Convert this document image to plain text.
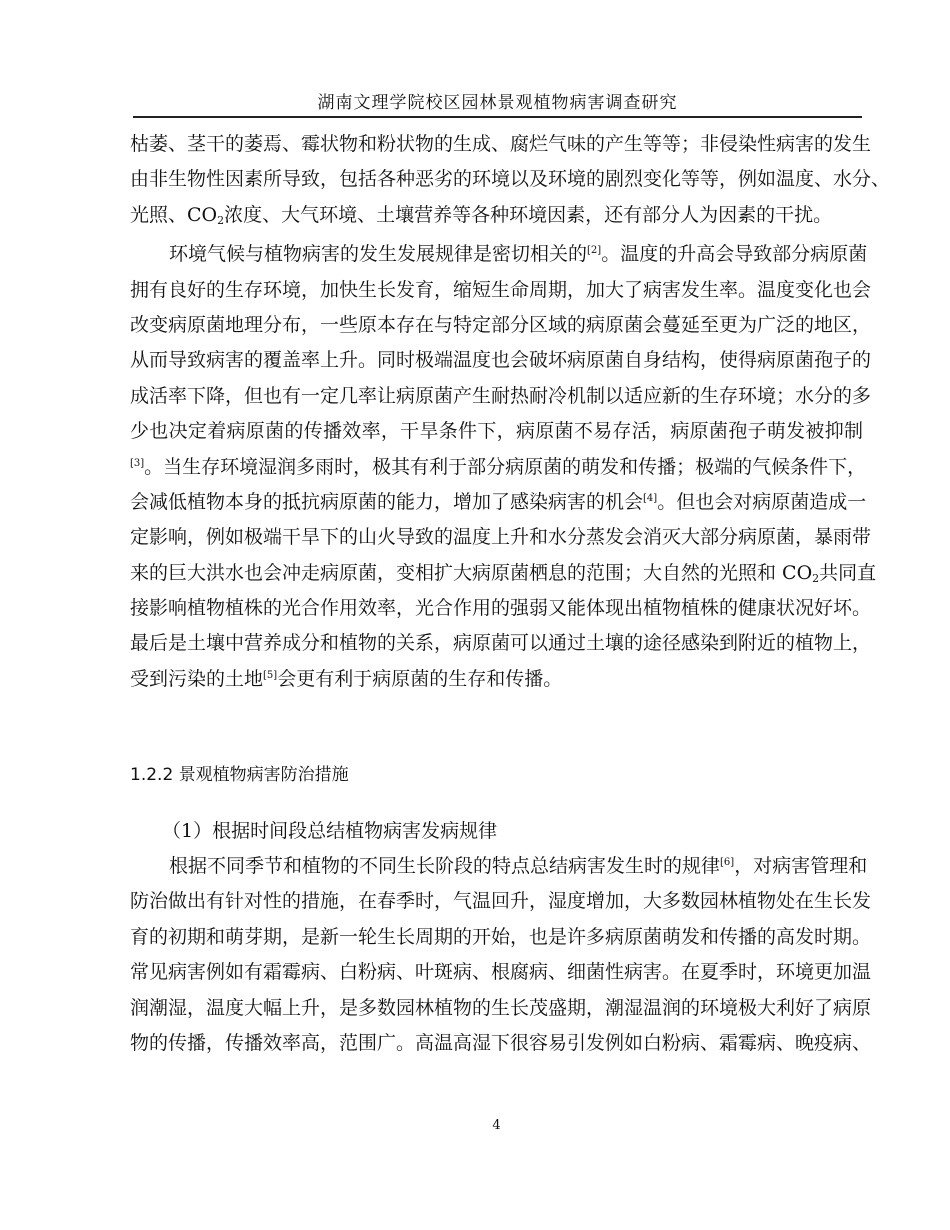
湖南文理学院校区园林景观植物病害调查研究
枯萎、茎干的萎焉、霉状物和粉状物的生成、腐烂气味的产生等等；非侵染性病害的发生
由非生物性因素所导致，包括各种恶劣的环境以及环境的剧烈变化等等，例如温度、水分、
光照、$CO_2$浓度、大气环境、土壤营养等各种环境因素，还有部分人为因素的干扰。
环境气候与植物病害的发生发展规律是密切相关的[2]。温度的升高会导致部分病原菌
拥有良好的生存环境，加快生长发育，缩短生命周期，加大了病害发生率。温度变化也会
改变病原菌地理分布，一些原本存在与特定部分区域的病原菌会蔓延至更为广泛的地区，
从而导致病害的覆盖率上升。同时极端温度也会破坏病原菌自身结构，使得病原菌孢子的
成活率下降，但也有一定几率让病原菌产生耐热耐冷机制以适应新的生存环境；水分的多
少也决定着病原菌的传播效率，干旱条件下，病原菌不易存活，病原菌孢子萌发被抑制
[3]。当生存环境湿润多雨时，极其有利于部分病原菌的萌发和传播；极端的气候条件下，
会减低植物本身的抵抗病原菌的能力，增加了感染病害的机会[4]。但也会对病原菌造成一
定影响，例如极端干旱下的山火导致的温度上升和水分蒸发会消灭大部分病原菌，暴雨带
来的巨大洪水也会冲走病原菌，变相扩大病原菌栖息的范围；大自然的光照和 $CO_2$共同直
接影响植物植株的光合作用效率，光合作用的强弱又能体现出植物植株的健康状况好坏。
最后是土壤中营养成分和植物的关系，病原菌可以通过土壤的途径感染到附近的植物上，
受到污染的土地[5]会更有利于病原菌的生存和传播。
1.2.2 景观植物病害防治措施
（1）根据时间段总结植物病害发病规律
根据不同季节和植物的不同生长阶段的特点总结病害发生时的规律[6]，对病害管理和
防治做出有针对性的措施，在春季时，气温回升，湿度增加，大多数园林植物处在生长发
育的初期和萌芽期，是新一轮生长周期的开始，也是许多病原菌萌发和传播的高发时期。
常见病害例如有霜霉病、白粉病、叶斑病、根腐病、细菌性病害。在夏季时，环境更加温
润潮湿，温度大幅上升，是多数园林植物的生长茂盛期，潮湿温润的环境极大利好了病原
物的传播，传播效率高，范围广。高温高湿下很容易引发例如白粉病、霜霉病、晚疫病、
4
